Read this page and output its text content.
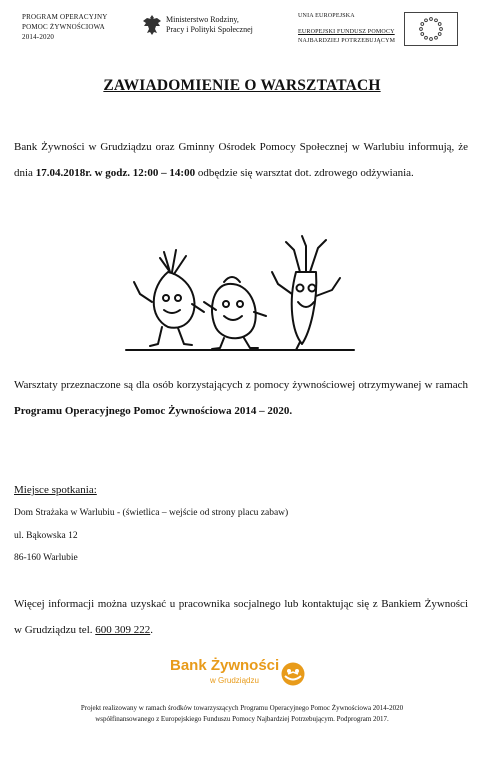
PROGRAM OPERACYJNY
POMOC ŻYWNOŚCIOWA
2014-2020
Ministerstwo Rodziny,
Pracy i Polityki Społecznej
UNIA EUROPEJSKA
EUROPEJSKI FUNDUSZ POMOCY
NAJBARDZIEJ POTRZEBUJĄCYM
ZAWIADOMIENIE O WARSZTATACH
Bank Żywności w Grudziądzu oraz Gminny Ośrodek Pomocy Społecznej w Warlubiu informują, że dnia 17.04.2018r. w godz. 12:00 – 14:00 odbędzie się warsztat dot. zdrowego odżywiania.
Warsztaty przeznaczone są dla osób korzystających z pomocy żywnościowej otrzymywanej w ramach Programu Operacyjnego Pomoc Żywnościowa 2014 – 2020.
Miejsce spotkania:
Dom Strażaka w Warlubiu - (świetlica – wejście od strony placu zabaw)
ul. Bąkowska 12
86-160 Warlubie
Więcej informacji można uzyskać u pracownika socjalnego lub kontaktując się z Bankiem Żywności w Grudziądzu tel. 600 309 222.
Bank Żywności
w Grudziądzu
Projekt realizowany w ramach środków towarzyszących Programu Operacyjnego Pomoc Żywnościowa 2014-2020
współfinansowanego z Europejskiego Funduszu Pomocy Najbardziej Potrzebującym. Podprogram 2017.
